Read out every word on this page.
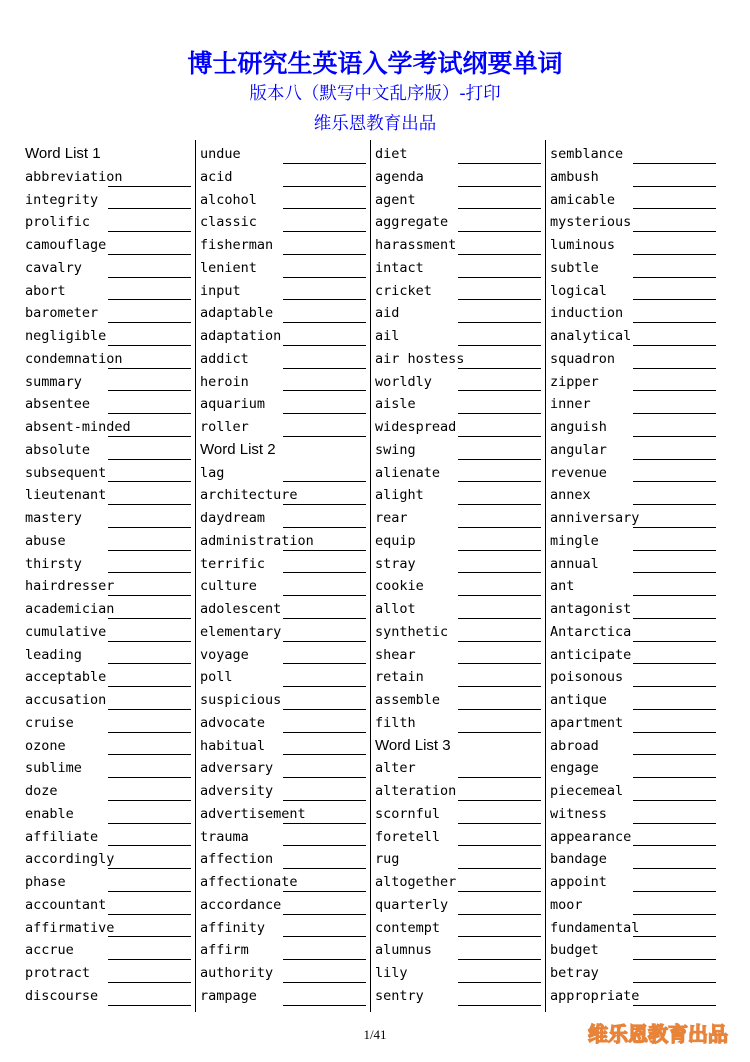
博士研究生英语入学考试纲要单词
版本八（默写中文乱序版）-打印
维乐恩教育出品
Word List 1
abbreviation
integrity
prolific
camouflage
cavalry
abort
barometer
negligible
condemnation
summary
absentee
absent-minded
absolute
subsequent
lieutenant
mastery
abuse
thirsty
hairdresser
academician
cumulative
leading
acceptable
accusation
cruise
ozone
sublime
doze
enable
affiliate
accordingly
phase
accountant
affirmative
accrue
protract
discourse
undue
acid
alcohol
classic
fisherman
lenient
input
adaptable
adaptation
addict
heroin
aquarium
roller
Word List 2
lag
architecture
daydream
administration
terrific
culture
adolescent
elementary
voyage
poll
suspicious
advocate
habitual
adversary
adversity
advertisement
trauma
affection
affectionate
accordance
affinity
affirm
authority
rampage
diet
agenda
agent
aggregate
harassment
intact
cricket
aid
ail
air hostess
worldly
aisle
widespread
swing
alienate
alight
rear
equip
stray
cookie
allot
synthetic
shear
retain
assemble
filth
Word List 3
alter
alteration
scornful
foretell
rug
altogether
quarterly
contempt
alumnus
lily
sentry
semblance
ambush
amicable
mysterious
luminous
subtle
logical
induction
analytical
squadron
zipper
inner
anguish
angular
revenue
annex
anniversary
mingle
annual
ant
antagonist
Antarctica
anticipate
poisonous
antique
apartment
abroad
engage
piecemeal
witness
appearance
bandage
appoint
moor
fundamental
budget
betray
appropriate
1/41	维乐恩教育出品
